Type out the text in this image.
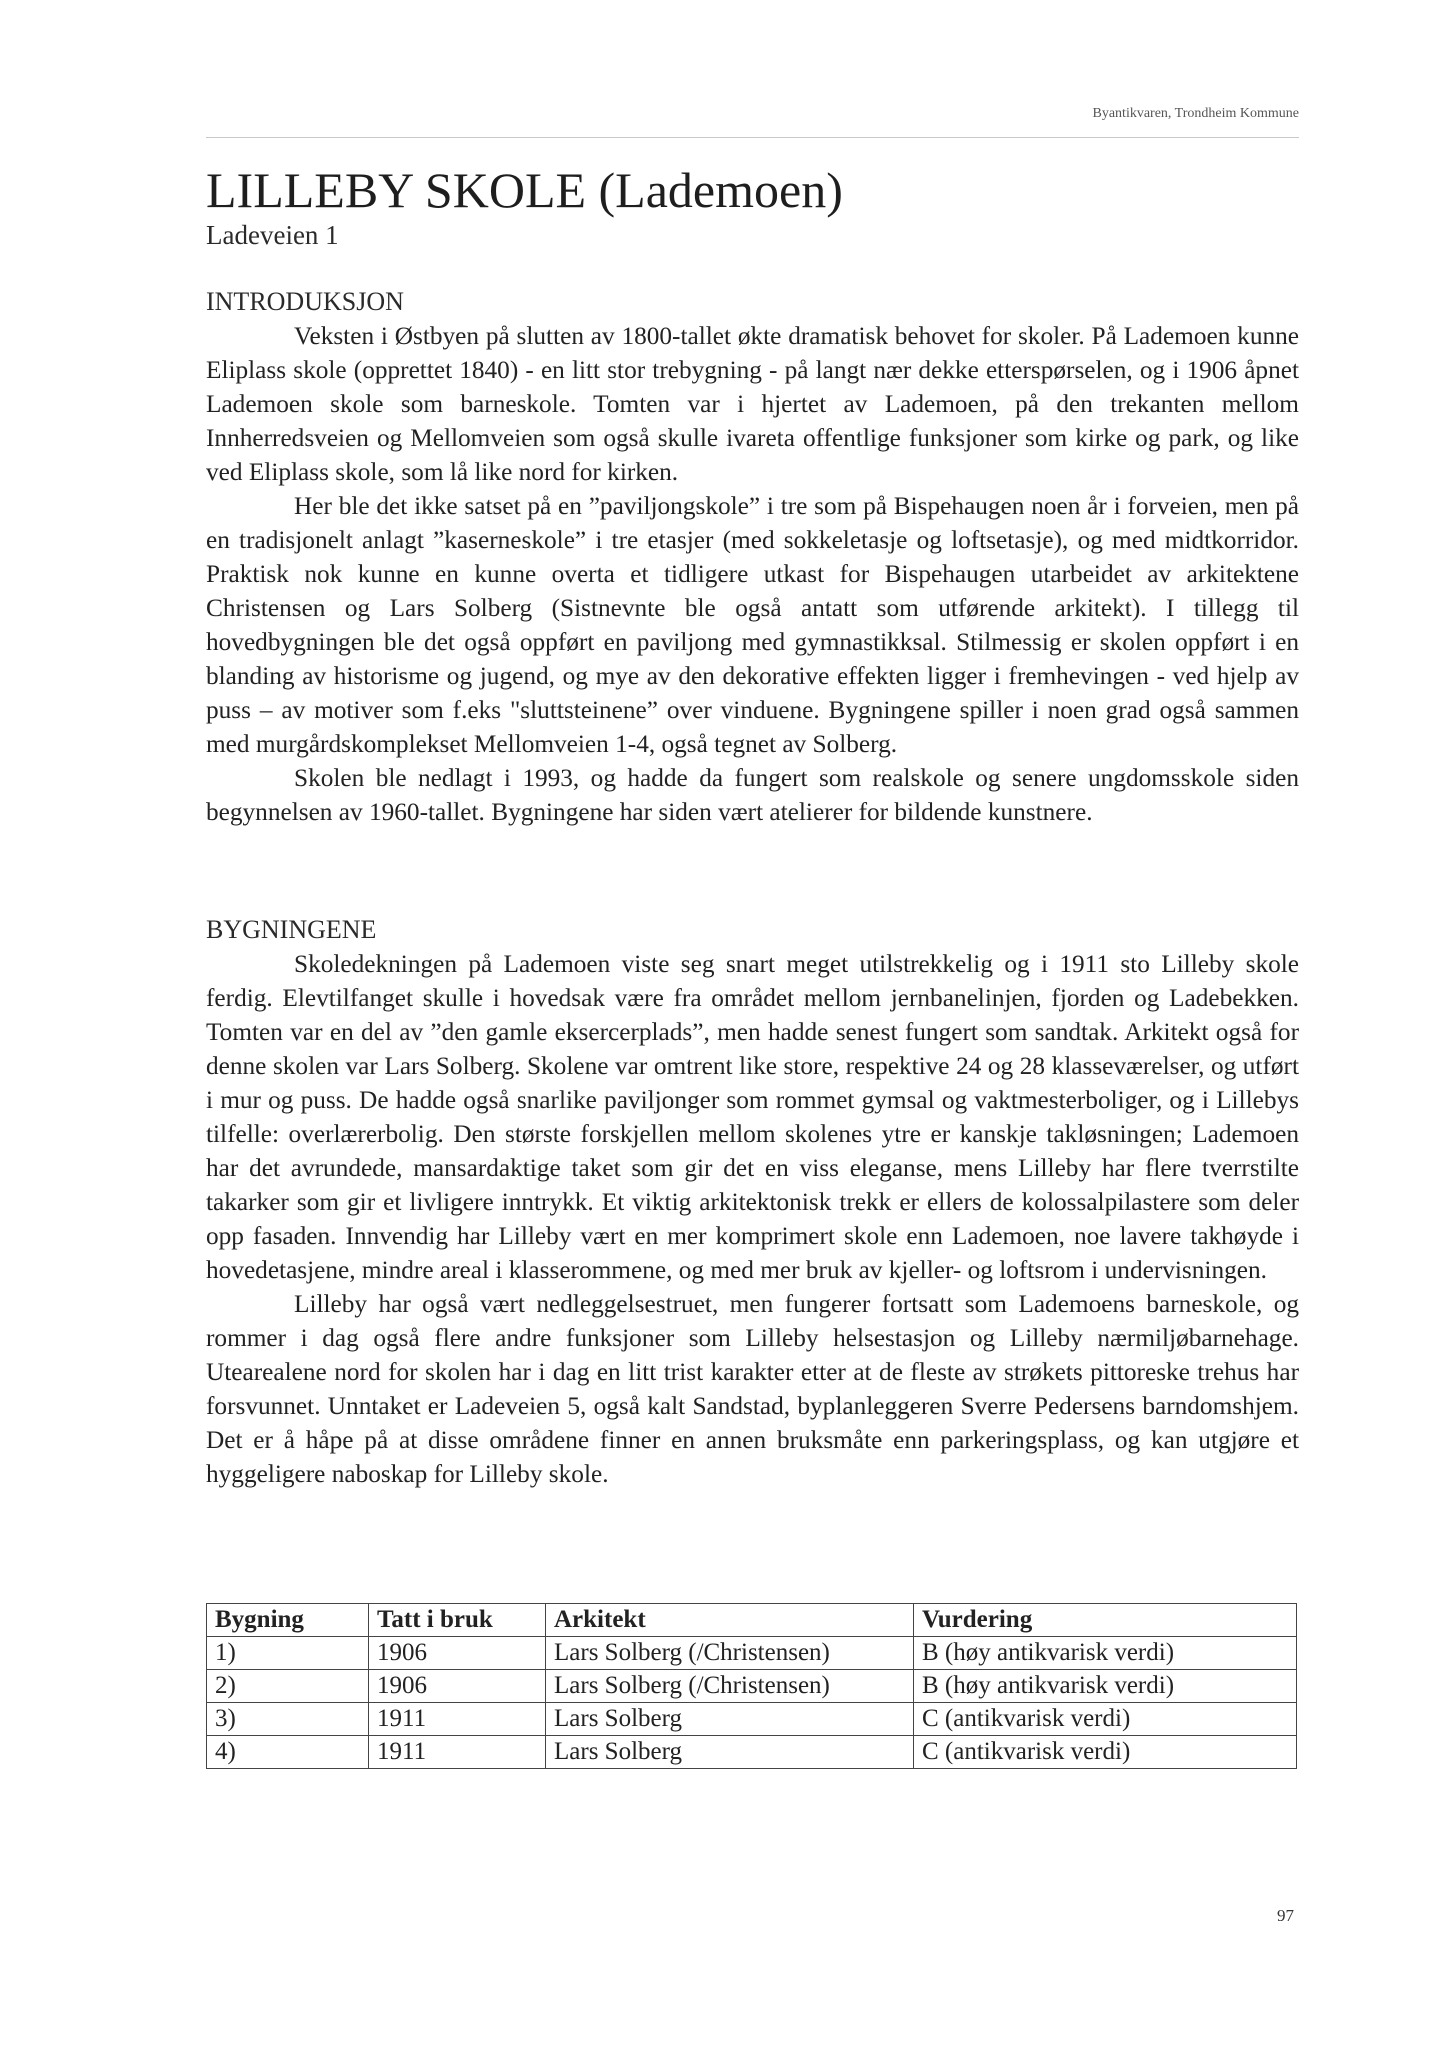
Byantikvaren, Trondheim Kommune
LILLEBY SKOLE (Lademoen)
Ladeveien 1
INTRODUKSJON

Veksten i Østbyen på slutten av 1800-tallet økte dramatisk behovet for skoler. På Lademoen kunne Eliplass skole (opprettet 1840) - en litt stor trebygning - på langt nær dekke etterspørselen, og i 1906 åpnet Lademoen skole som barneskole. Tomten var i hjertet av Lademoen, på den trekanten mellom Innherredsveien og Mellomveien som også skulle ivareta offentlige funksjoner som kirke og park, og like ved Eliplass skole, som lå like nord for kirken.

Her ble det ikke satset på en ”paviljongskole” i tre som på Bispehaugen noen år i forveien, men på en tradisjonelt anlagt ”kaserneskole” i tre etasjer (med sokkeletasje og loftsetasje), og med midtkorridor. Praktisk nok kunne en kunne overta et tidligere utkast for Bispehaugen utarbeidet av arkitektene Christensen og Lars Solberg (Sistnevnte ble også antatt som utførende arkitekt). I tillegg til hovedbygningen ble det også oppført en paviljong med gymnastikksal. Stilmessig er skolen oppført i en blanding av historisme og jugend, og mye av den dekorative effekten ligger i fremhevingen - ved hjelp av puss – av motiver som f.eks "sluttsteinene” over vinduene. Bygningene spiller i noen grad også sammen med murgårdskomplekset Mellomveien 1-4, også tegnet av Solberg.

Skolen ble nedlagt i 1993, og hadde da fungert som realskole og senere ungdomsskole siden begynnelsen av 1960-tallet. Bygningene har siden vært atelierer for bildende kunstnere.

BYGNINGENE

Skoledekningen på Lademoen viste seg snart meget utilstrekkelig og i 1911 sto Lilleby skole ferdig. Elevtilfanget skulle i hovedsak være fra området mellom jernbanelinjen, fjorden og Ladebekken. Tomten var en del av ”den gamle eksercerplads”, men hadde senest fungert som sandtak. Arkitekt også for denne skolen var Lars Solberg. Skolene var omtrent like store, respektive 24 og 28 klasseværelser, og utført i mur og puss. De hadde også snarlike paviljonger som rommet gymsal og vaktmesterboliger, og i Lillebys tilfelle: overlærerbolig. Den største forskjellen mellom skolenes ytre er kanskje takløsningen; Lademoen har det avrundede, mansardaktige taket som gir det en viss eleganse, mens Lilleby har flere tverrstilte takarker som gir et livligere inntrykk. Et viktig arkitektonisk trekk er ellers de kolossalpilastere som deler opp fasaden. Innvendig har Lilleby vært en mer komprimert skole enn Lademoen, noe lavere takhøyde i hovedetasjene, mindre areal i klasserommene, og med mer bruk av kjeller- og loftsrom i undervisningen.

Lilleby har også vært nedleggelsestruet, men fungerer fortsatt som Lademoens barneskole, og rommer i dag også flere andre funksjoner som Lilleby helsestasjon og Lilleby nærmiljøbarnehage. Utearealene nord for skolen har i dag en litt trist karakter etter at de fleste av strøkets pittoreske trehus har forsvunnet. Unntaket er Ladeveien 5, også kalt Sandstad, byplanleggeren Sverre Pedersens barndomshjem. Det er å håpe på at disse områdene finner en annen bruksmåte enn parkeringsplass, og kan utgjøre et hyggeligere naboskap for Lilleby skole.

Bygning	Tatt i bruk	Arkitekt	Vurdering
1)	1906	Lars Solberg (/Christensen)	B (høy antikvarisk verdi)
2)	1906	Lars Solberg (/Christensen)	B (høy antikvarisk verdi)
3)	1911	Lars Solberg	C (antikvarisk verdi)
4)	1911	Lars Solberg	C (antikvarisk verdi)
97
